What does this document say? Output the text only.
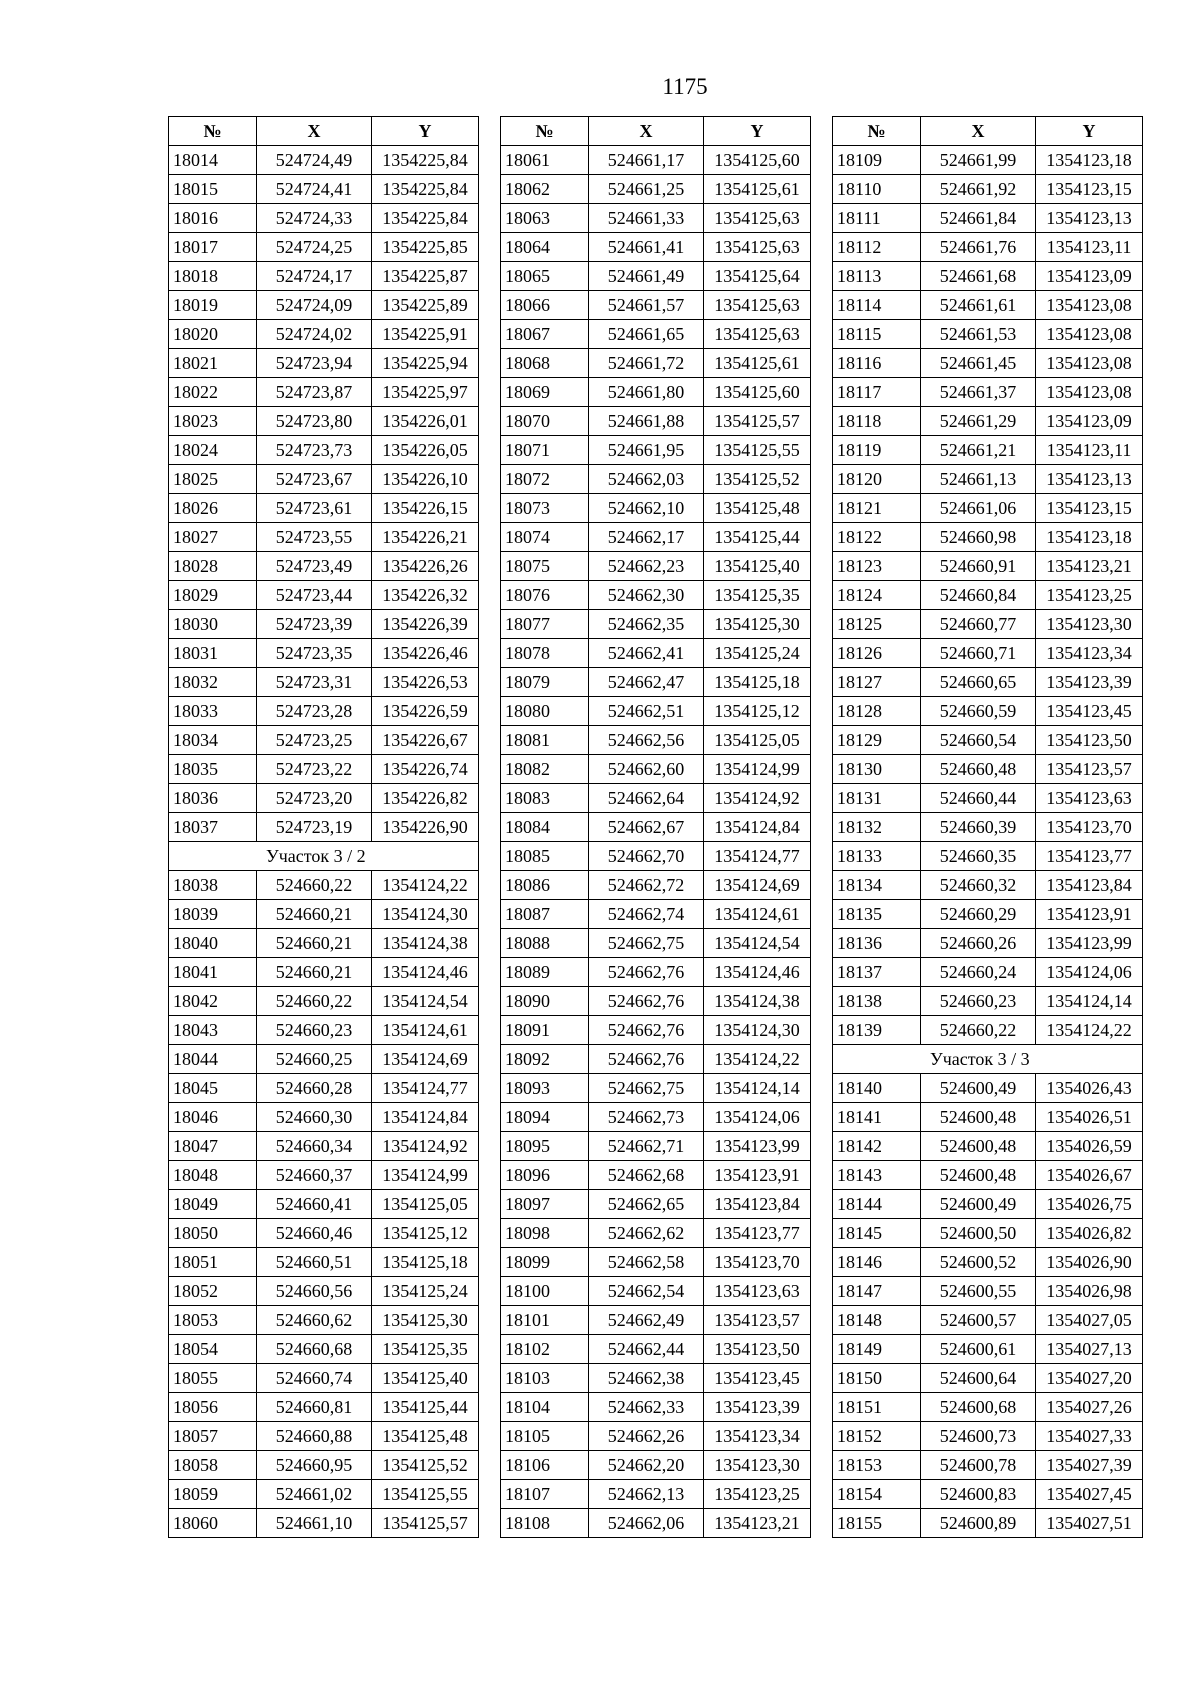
1175
№	X	Y
18014	524724,49	1354225,84
18015	524724,41	1354225,84
18016	524724,33	1354225,84
18017	524724,25	1354225,85
18018	524724,17	1354225,87
18019	524724,09	1354225,89
18020	524724,02	1354225,91
18021	524723,94	1354225,94
18022	524723,87	1354225,97
18023	524723,80	1354226,01
18024	524723,73	1354226,05
18025	524723,67	1354226,10
18026	524723,61	1354226,15
18027	524723,55	1354226,21
18028	524723,49	1354226,26
18029	524723,44	1354226,32
18030	524723,39	1354226,39
18031	524723,35	1354226,46
18032	524723,31	1354226,53
18033	524723,28	1354226,59
18034	524723,25	1354226,67
18035	524723,22	1354226,74
18036	524723,20	1354226,82
18037	524723,19	1354226,90
Участок 3 / 2		
18038	524660,22	1354124,22
18039	524660,21	1354124,30
18040	524660,21	1354124,38
18041	524660,21	1354124,46
18042	524660,22	1354124,54
18043	524660,23	1354124,61
18044	524660,25	1354124,69
18045	524660,28	1354124,77
18046	524660,30	1354124,84
18047	524660,34	1354124,92
18048	524660,37	1354124,99
18049	524660,41	1354125,05
18050	524660,46	1354125,12
18051	524660,51	1354125,18
18052	524660,56	1354125,24
18053	524660,62	1354125,30
18054	524660,68	1354125,35
18055	524660,74	1354125,40
18056	524660,81	1354125,44
18057	524660,88	1354125,48
18058	524660,95	1354125,52
18059	524661,02	1354125,55
18060	524661,10	1354125,57
№	X	Y
18061	524661,17	1354125,60
18062	524661,25	1354125,61
18063	524661,33	1354125,63
18064	524661,41	1354125,63
18065	524661,49	1354125,64
18066	524661,57	1354125,63
18067	524661,65	1354125,63
18068	524661,72	1354125,61
18069	524661,80	1354125,60
18070	524661,88	1354125,57
18071	524661,95	1354125,55
18072	524662,03	1354125,52
18073	524662,10	1354125,48
18074	524662,17	1354125,44
18075	524662,23	1354125,40
18076	524662,30	1354125,35
18077	524662,35	1354125,30
18078	524662,41	1354125,24
18079	524662,47	1354125,18
18080	524662,51	1354125,12
18081	524662,56	1354125,05
18082	524662,60	1354124,99
18083	524662,64	1354124,92
18084	524662,67	1354124,84
18085	524662,70	1354124,77
18086	524662,72	1354124,69
18087	524662,74	1354124,61
18088	524662,75	1354124,54
18089	524662,76	1354124,46
18090	524662,76	1354124,38
18091	524662,76	1354124,30
18092	524662,76	1354124,22
18093	524662,75	1354124,14
18094	524662,73	1354124,06
18095	524662,71	1354123,99
18096	524662,68	1354123,91
18097	524662,65	1354123,84
18098	524662,62	1354123,77
18099	524662,58	1354123,70
18100	524662,54	1354123,63
18101	524662,49	1354123,57
18102	524662,44	1354123,50
18103	524662,38	1354123,45
18104	524662,33	1354123,39
18105	524662,26	1354123,34
18106	524662,20	1354123,30
18107	524662,13	1354123,25
18108	524662,06	1354123,21
№	X	Y
18109	524661,99	1354123,18
18110	524661,92	1354123,15
18111	524661,84	1354123,13
18112	524661,76	1354123,11
18113	524661,68	1354123,09
18114	524661,61	1354123,08
18115	524661,53	1354123,08
18116	524661,45	1354123,08
18117	524661,37	1354123,08
18118	524661,29	1354123,09
18119	524661,21	1354123,11
18120	524661,13	1354123,13
18121	524661,06	1354123,15
18122	524660,98	1354123,18
18123	524660,91	1354123,21
18124	524660,84	1354123,25
18125	524660,77	1354123,30
18126	524660,71	1354123,34
18127	524660,65	1354123,39
18128	524660,59	1354123,45
18129	524660,54	1354123,50
18130	524660,48	1354123,57
18131	524660,44	1354123,63
18132	524660,39	1354123,70
18133	524660,35	1354123,77
18134	524660,32	1354123,84
18135	524660,29	1354123,91
18136	524660,26	1354123,99
18137	524660,24	1354124,06
18138	524660,23	1354124,14
18139	524660,22	1354124,22
Участок 3 / 3		
18140	524600,49	1354026,43
18141	524600,48	1354026,51
18142	524600,48	1354026,59
18143	524600,48	1354026,67
18144	524600,49	1354026,75
18145	524600,50	1354026,82
18146	524600,52	1354026,90
18147	524600,55	1354026,98
18148	524600,57	1354027,05
18149	524600,61	1354027,13
18150	524600,64	1354027,20
18151	524600,68	1354027,26
18152	524600,73	1354027,33
18153	524600,78	1354027,39
18154	524600,83	1354027,45
18155	524600,89	1354027,51
